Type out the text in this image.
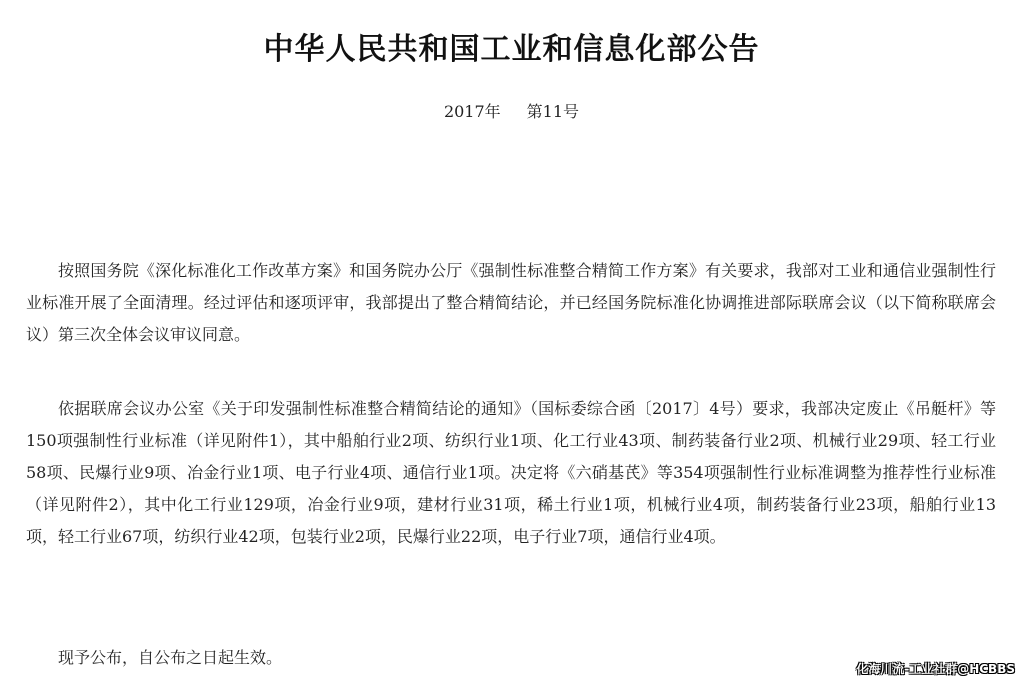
中华人民共和国工业和信息化部公告
2017年 第11号

按照国务院《深化标准化工作改革方案》和国务院办公厅《强制性标准整合精简工作方案》有关要求，我部对工业和通信业强制性行业标准开展了全面清理。经过评估和逐项评审，我部提出了整合精简结论，并已经国务院标准化协调推进部际联席会议（以下简称联席会议）第三次全体会议审议同意。

依据联席会议办公室《关于印发强制性标准整合精简结论的通知》（国标委综合函〔2017〕4号）要求，我部决定废止《吊艇杆》等150项强制性行业标准（详见附件1），其中船舶行业2项、纺织行业1项、化工行业43项、制药装备行业2项、机械行业29项、轻工行业58项、民爆行业9项、冶金行业1项、电子行业4项、通信行业1项。决定将《六硝基芪》等354项强制性行业标准调整为推荐性行业标准（详见附件2），其中化工行业129项，冶金行业9项，建材行业31项，稀土行业1项，机械行业4项，制药装备行业23项，船舶行业13项，轻工行业67项，纺织行业42项，包装行业2项，民爆行业22项，电子行业7项，通信行业4项。

现予公布，自公布之日起生效。

化海川流-工业社群@HCBBS
